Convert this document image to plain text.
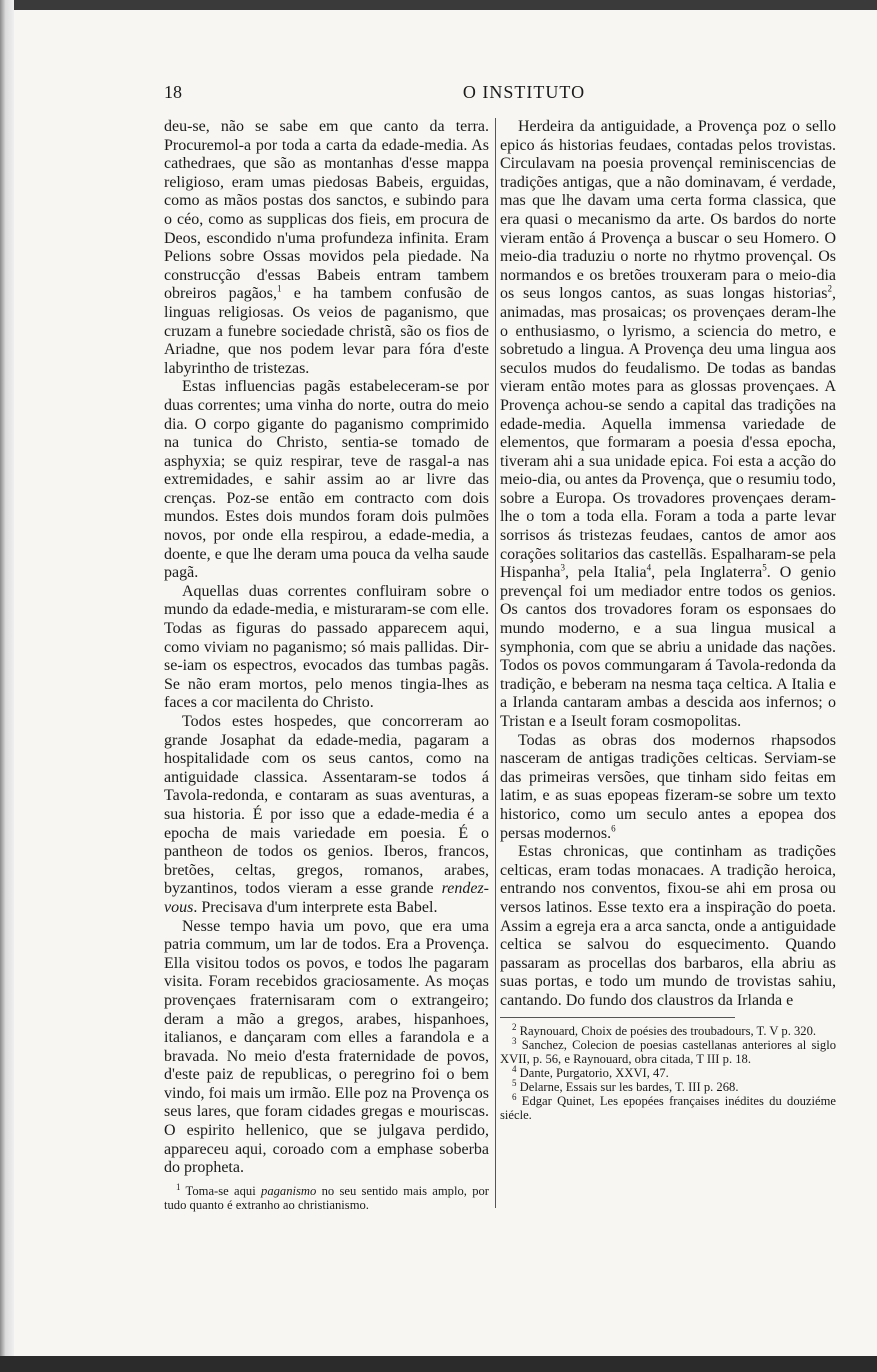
18	O INSTITUTO

deu-se, não se sabe em que canto da terra. Procuremol-a por toda a carta da edade-media. As cathedraes, que são as montanhas d'esse mappa religioso, eram umas piedosas Babeis, erguidas, como as mãos postas dos sanctos, e subindo para o céo, como as supplicas dos fieis, em procura de Deos, escondido n'uma profundeza infinita. Eram Pelions sobre Ossas movidos pela piedade. Na construcção d'essas Babeis entram tambem obreiros pagãos,$^1$ e ha tambem confusão de linguas religiosas. Os veios de paganismo, que cruzam a funebre sociedade christã, são os fios de Ariadne, que nos podem levar para fóra d'este labyrintho de tristezas.

Estas influencias pagãs estabeleceram-se por duas correntes; uma vinha do norte, outra do meio dia. O corpo gigante do paganismo comprimido na tunica do Christo, sentia-se tomado de asphyxia; se quiz respirar, teve de rasgal-a nas extremidades, e sahir assim ao ar livre das crenças. Poz-se então em contracto com dois mundos. Estes dois mundos foram dois pulmões novos, por onde ella respirou, a edade-media, a doente, e que lhe deram uma pouca da velha saude pagã.

Aquellas duas correntes confluiram sobre o mundo da edade-media, e misturaram-se com elle. Todas as figuras do passado apparecem aqui, como viviam no paganismo; só mais pallidas. Dir-se-iam os espectros, evocados das tumbas pagãs. Se não eram mortos, pelo menos tingia-lhes as faces a cor macilenta do Christo.

Todos estes hospedes, que concorreram ao grande Josaphat da edade-media, pagaram a hospitalidade com os seus cantos, como na antiguidade classica. Assentaram-se todos á Tavola-redonda, e contaram as suas aventuras, a sua historia. É por isso que a edade-media é a epocha de mais variedade em poesia. É o pantheon de todos os genios. Iberos, francos, bretões, celtas, gregos, romanos, arabes, byzantinos, todos vieram a esse grande rendez-vous. Precisava d'um interprete esta Babel.

Nesse tempo havia um povo, que era uma patria commum, um lar de todos. Era a Provença. Ella visitou todos os povos, e todos lhe pagaram visita. Foram recebidos graciosamente. As moças provençaes fraternisaram com o extrangeiro; deram a mão a gregos, arabes, hispanhoes, italianos, e dançaram com elles a farandola e a bravada. No meio d'esta fraternidade de povos, d'este paiz de republicas, o peregrino foi o bem vindo, foi mais um irmão. Elle poz na Provença os seus lares, que foram cidades gregas e mouriscas. O espirito hellenico, que se julgava perdido, appareceu aqui, coroado com a emphase soberba do propheta.

$^1$ Toma-se aqui paganismo no seu sentido mais amplo, por tudo quanto é extranho ao christianismo.

Herdeira da antiguidade, a Provença poz o sello epico ás historias feudaes, contadas pelos trovistas. Circulavam na poesia provençal reminiscencias de tradições antigas, que a não dominavam, é verdade, mas que lhe davam uma certa forma classica, que era quasi o mecanismo da arte. Os bardos do norte vieram então á Provença a buscar o seu Homero. O meio-dia traduziu o norte no rhytmo provençal. Os normandos e os bretões trouxeram para o meio-dia os seus longos cantos, as suas longas historias$^2$, animadas, mas prosaicas; os provençaes deram-lhe o enthusiasmo, o lyrismo, a sciencia do metro, e sobretudo a lingua. A Provença deu uma lingua aos seculos mudos do feudalismo. De todas as bandas vieram então motes para as glossas provençaes. A Provença achou-se sendo a capital das tradições na edade-media. Aquella immensa variedade de elementos, que formaram a poesia d'essa epocha, tiveram ahi a sua unidade epica. Foi esta a acção do meio-dia, ou antes da Provença, que o resumiu todo, sobre a Europa. Os trovadores provençaes deram-lhe o tom a toda ella. Foram a toda a parte levar sorrisos ás tristezas feudaes, cantos de amor aos corações solitarios das castellãs. Espalharam-se pela Hispanha$^3$, pela Italia$^4$, pela Inglaterra$^5$. O genio prevençal foi um mediador entre todos os genios. Os cantos dos trovadores foram os esponsaes do mundo moderno, e a sua lingua musical a symphonia, com que se abriu a unidade das nações. Todos os povos commungaram á Tavola-redonda da tradição, e beberam na nesma taça celtica. A Italia e a Irlanda cantaram ambas a descida aos infernos; o Tristan e a Iseult foram cosmopolitas.

Todas as obras dos modernos rhapsodos nasceram de antigas tradições celticas. Serviam-se das primeiras versões, que tinham sido feitas em latim, e as suas epopeas fizeram-se sobre um texto historico, como um seculo antes a epopea dos persas modernos.$^6$

Estas chronicas, que continham as tradições celticas, eram todas monacaes. A tradição heroica, entrando nos conventos, fixou-se ahi em prosa ou versos latinos. Esse texto era a inspiração do poeta. Assim a egreja era a arca sancta, onde a antiguidade celtica se salvou do esquecimento. Quando passaram as procellas dos barbaros, ella abriu as suas portas, e todo um mundo de trovistas sahiu, cantando. Do fundo dos claustros da Irlanda e

$^2$ Raynouard, Choix de poésies des troubadours, T. V p. 320.

$^3$ Sanchez, Colecion de poesias castellanas anteriores al siglo XVII, p. 56, e Raynouard, obra citada, T III p. 18.

$^4$ Dante, Purgatorio, XXVI, 47.

$^5$ Delarne, Essais sur les bardes, T. III p. 268.

$^6$ Edgar Quinet, Les epopées françaises inédites du douziéme siécle.
